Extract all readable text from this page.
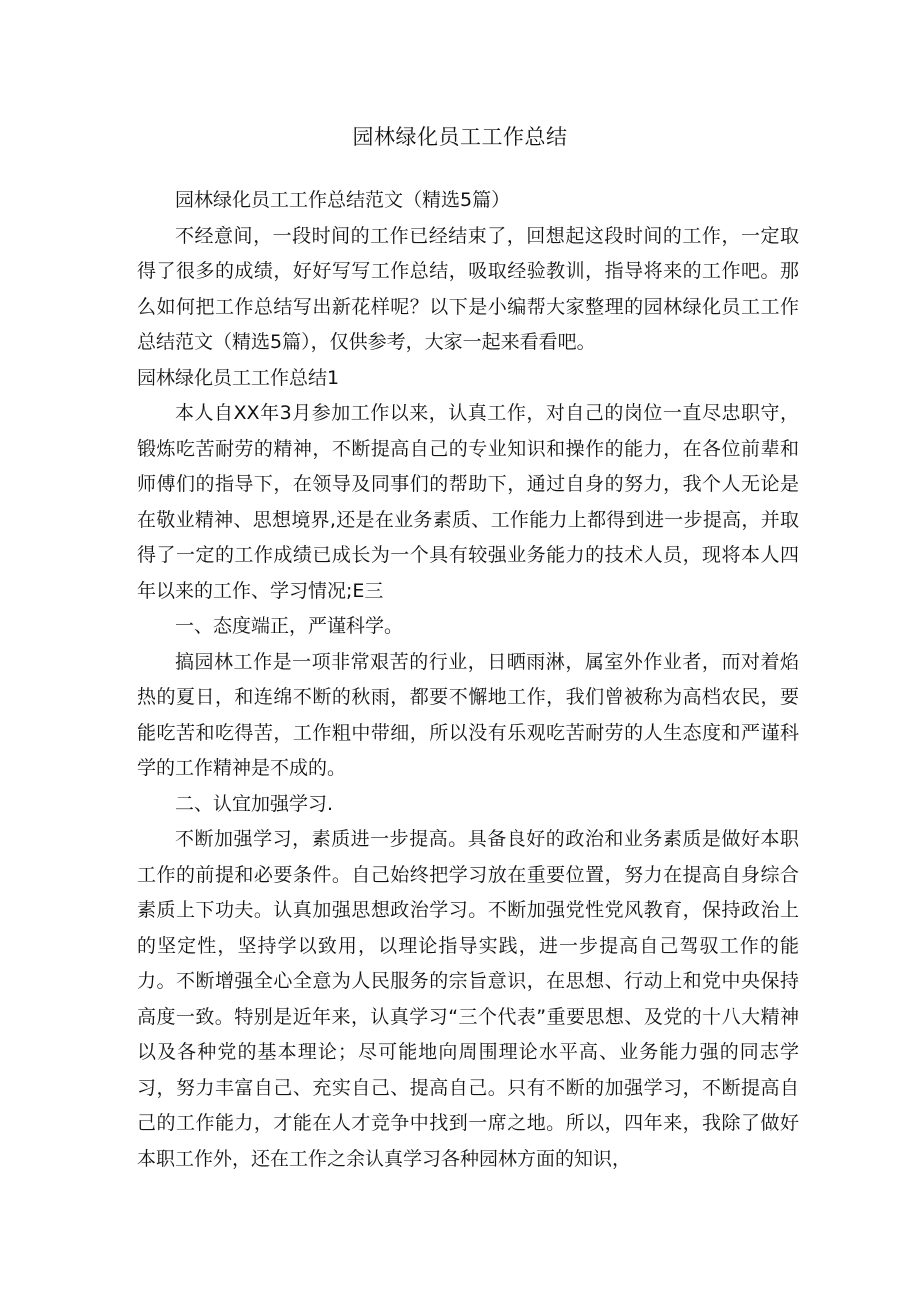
园林绿化员工工作总结

园林绿化员工工作总结范文（精选5篇）

不经意间，一段时间的工作已经结束了，回想起这段时间的工作，一定取得了很多的成绩，好好写写工作总结，吸取经验教训，指导将来的工作吧。那么如何把工作总结写出新花样呢？以下是小编帮大家整理的园林绿化员工工作总结范文（精选5篇），仅供参考，大家一起来看看吧。

园林绿化员工工作总结1

本人自XX年3月参加工作以来，认真工作，对自己的岗位一直尽忠职守，锻炼吃苦耐劳的精神，不断提高自己的专业知识和操作的能力，在各位前辈和师傅们的指导下，在领导及同事们的帮助下，通过自身的努力，我个人无论是在敬业精神、思想境界,还是在业务素质、工作能力上都得到进一步提高，并取得了一定的工作成绩已成长为一个具有较强业务能力的技术人员，现将本人四年以来的工作、学习情况;E三

一、态度端正，严谨科学。

搞园林工作是一项非常艰苦的行业，日晒雨淋，属室外作业者，而对着焰热的夏日，和连绵不断的秋雨，都要不懈地工作，我们曾被称为高档农民，要能吃苦和吃得苦，工作粗中带细，所以没有乐观吃苦耐劳的人生态度和严谨科学的工作精神是不成的。

二、认宜加强学习.

不断加强学习，素质进一步提高。具备良好的政治和业务素质是做好本职工作的前提和必要条件。自己始终把学习放在重要位置，努力在提高自身综合素质上下功夫。认真加强思想政治学习。不断加强党性党风教育，保持政治上的坚定性，坚持学以致用，以理论指导实践，进一步提高自己驾驭工作的能力。不断增强全心全意为人民服务的宗旨意识，在思想、行动上和党中央保持高度一致。特别是近年来，认真学习“三个代表”重要思想、及党的十八大精神以及各种党的基本理论；尽可能地向周围理论水平高、业务能力强的同志学习，努力丰富自己、充实自己、提高自己。只有不断的加强学习，不断提高自己的工作能力，才能在人才竞争中找到一席之地。所以，四年来，我除了做好本职工作外，还在工作之余认真学习各种园林方面的知识，
